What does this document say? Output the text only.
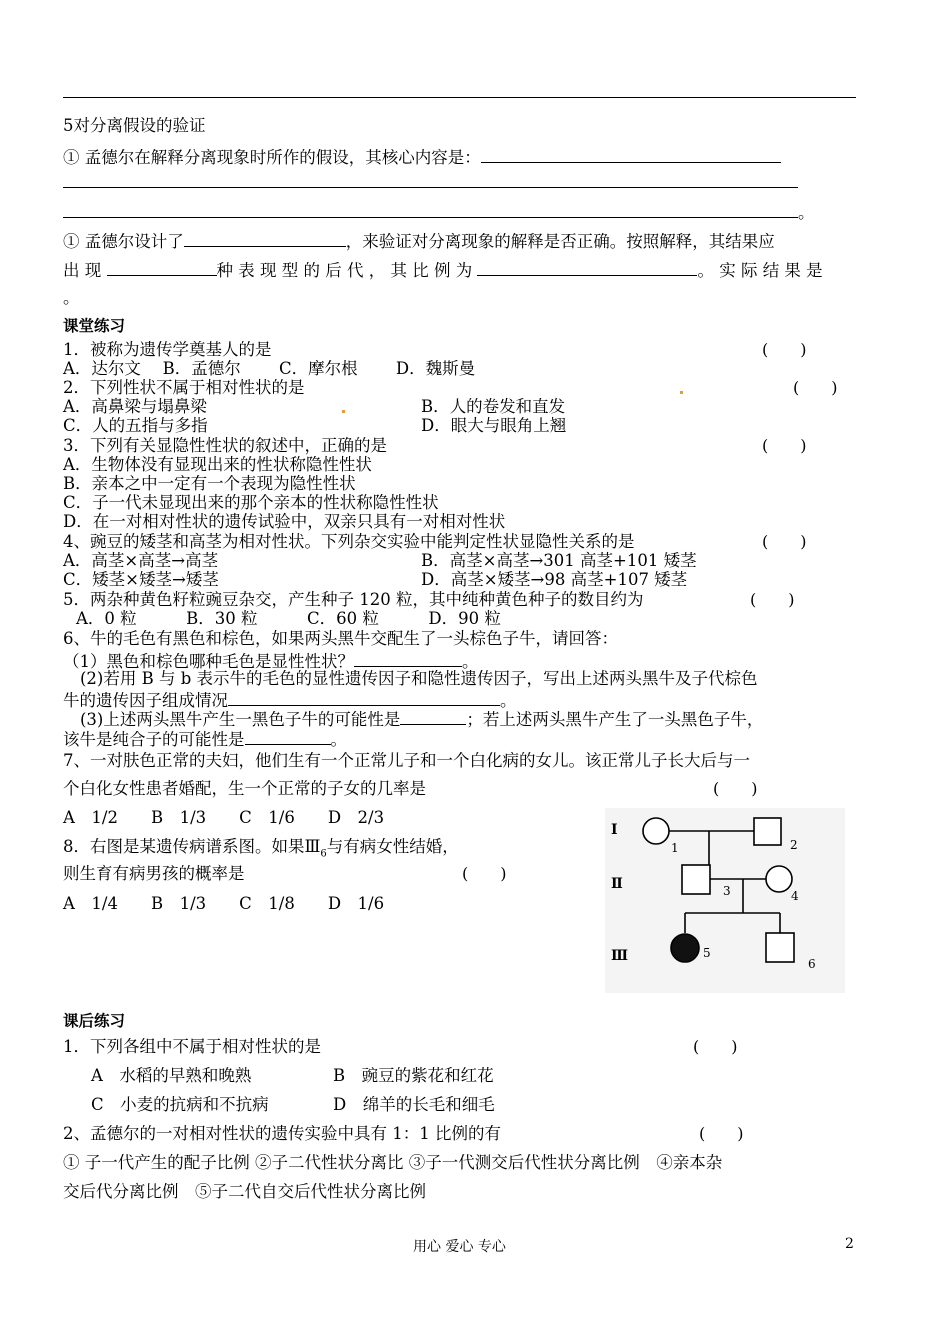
5对分离假设的验证
① 孟德尔在解释分离现象时所作的假设，其核心内容是：
。
① 孟德尔设计了	，来验证对分离现象的解释是否正确。按照解释，其结果应
出 现	种 表 现 型 的 后 代 ， 其 比 例 为	。 实 际 结 果 是
。
课堂练习
1．被称为遗传学奠基人的是	(　　)
A．达尔文　 B．孟德尔　　 C．摩尔根　　 D．魏斯曼
2．下列性状不属于相对性状的是	(　　)
A．高鼻梁与塌鼻梁	B．人的卷发和直发
C．人的五指与多指	D．眼大与眼角上翘
3．下列有关显隐性性状的叙述中，正确的是	(　　)
A．生物体没有显现出来的性状称隐性性状
B．亲本之中一定有一个表现为隐性性状
C．子一代未显现出来的那个亲本的性状称隐性性状
D．在一对相对性状的遗传试验中，双亲只具有一对相对性状
4、豌豆的矮茎和高茎为相对性状。下列杂交实验中能判定性状显隐性关系的是	(　　)
A．高茎×高茎→高茎	B．高茎×高茎→301 高茎+101 矮茎
C．矮茎×矮茎→矮茎	D．高茎×矮茎→98 高茎+107 矮茎
5．两杂种黄色籽粒豌豆杂交，产生种子 120 粒，其中纯种黄色种子的数目约为	(　　)
A．0 粒　　　B．30 粒　　　C．60 粒　　　D．90 粒
6、牛的毛色有黑色和棕色，如果两头黑牛交配生了一头棕色子牛，请回答：
（1）黑色和棕色哪种毛色是显性性状？	。
(2)若用 B 与 b 表示牛的毛色的显性遗传因子和隐性遗传因子，写出上述两头黑牛及子代棕色
牛的遗传因子组成情况	。
(3)上述两头黑牛产生一黑色子牛的可能性是	；若上述两头黑牛产生了一头黑色子牛，
该牛是纯合子的可能性是	。
7、一对肤色正常的夫妇，他们生有一个正常儿子和一个白化病的女儿。该正常儿子长大后与一
个白化女性患者婚配，生一个正常的子女的几率是	(　　)
A　1/2　　B　1/3　　C　1/6　　D　2/3
8．右图是某遗传病谱系图。如果$Ⅲ_6$与有病女性结婚，
则生育有病男孩的概率是	(　　)
A　1/4　　B　1/3　　C　1/8　　D　1/6
Ⅰ
Ⅱ
Ⅲ
1	2
3	4
5
6
课后练习
1．下列各组中不属于相对性状的是	(　　)
A　水稻的早熟和晚熟	B　豌豆的紫花和红花
C　小麦的抗病和不抗病	D　绵羊的长毛和细毛
2、孟德尔的一对相对性状的遗传实验中具有 1：1 比例的有	(　　)
① 子一代产生的配子比例 ②子二代性状分离比 ③子一代测交后代性状分离比例　④亲本杂
交后代分离比例　⑤子二代自交后代性状分离比例
用心 爱心 专心	2
